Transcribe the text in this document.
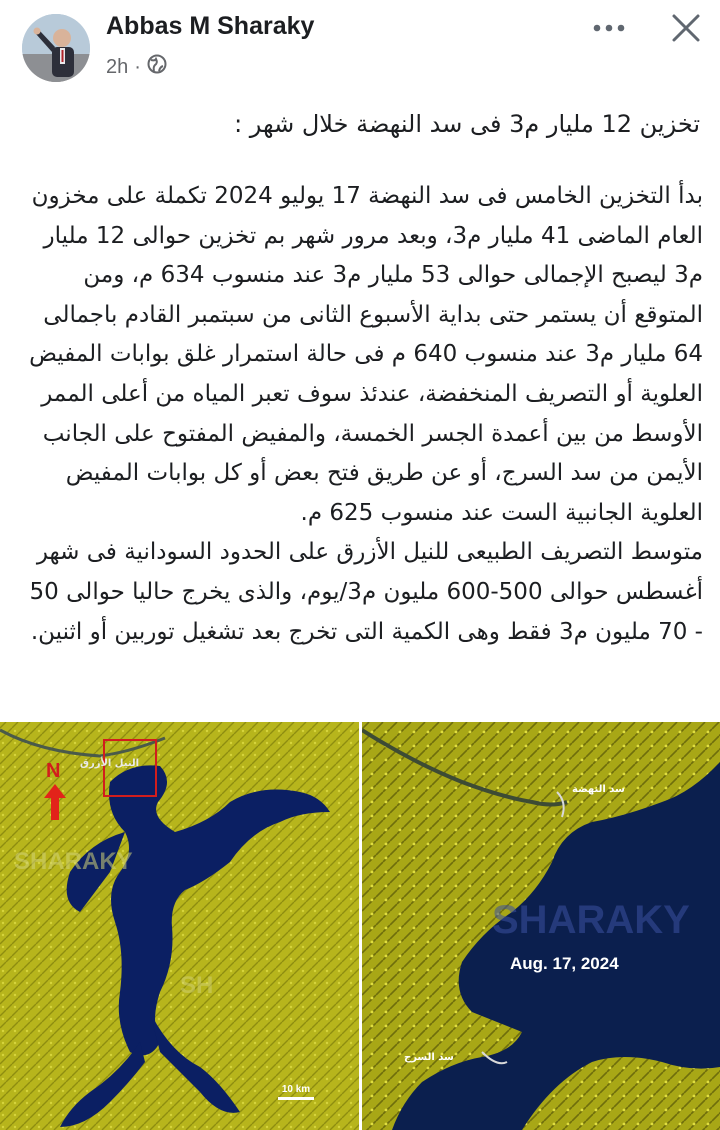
Abbas M Sharaky
2h ·
تخزين 12 مليار م3 فى سد النهضة خلال شهر :

بدأ التخزين الخامس فى سد النهضة 17 يوليو 2024 تكملة على مخزون العام الماضى 41 مليار م3، وبعد مرور شهر بم تخزين حوالى 12 مليار م3 ليصبح الإجمالى حوالى 53 مليار م3 عند منسوب 634 م، ومن المتوقع أن يستمر حتى بداية الأسبوع الثانى من سبتمبر القادم باجمالى 64 مليار م3 عند منسوب 640 م فى حالة استمرار غلق بوابات المفيض العلوية أو التصريف المنخفضة، عندئذ سوف تعبر المياه من أعلى الممر الأوسط من بين أعمدة الجسر الخمسة، والمفيض المفتوح على الجانب الأيمن من سد السرج، أو عن طريق فتح بعض أو كل بوابات المفيض العلوية الجانبية الست عند منسوب 625 م.

متوسط التصريف الطبيعى للنيل الأزرق على الحدود السودانية فى شهر أغسطس حوالى 500-600 مليون م3/يوم، والذى يخرج حاليا حوالى 50 - 70 مليون م3 فقط وهى الكمية التى تخرج بعد تشغيل توربين أو اثنين.

النيل الأزرق
N
SHARAKY
SH
10 km
سد النهضة
سد السرج
SHARAKY
Aug. 17, 2024
